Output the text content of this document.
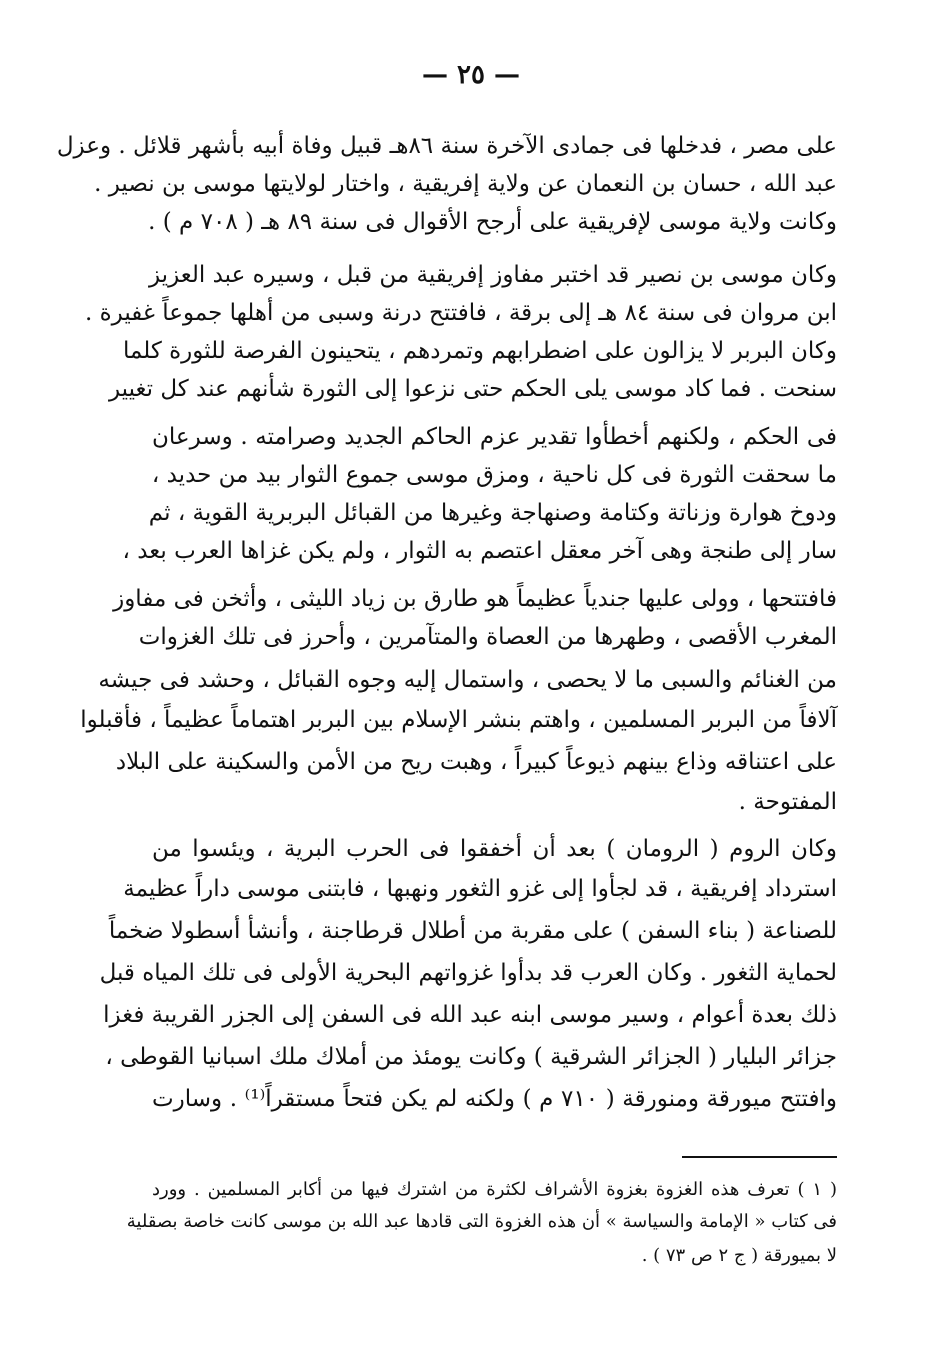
— ٢٥ —
على مصر ، فدخلها فى جمادى الآخرة سنة ٨٦هـ قبيل وفاة أبيه بأشهر قلائل . وعزل
عبد الله ، حسان بن النعمان عن ولاية إفريقية ، واختار لولايتها موسى بن نصير .
وكانت ولاية موسى لإفريقية على أرجح الأقوال فى سنة ٨٩ هـ ( ٧٠٨ م ) .
وكان موسى بن نصير قد اختبر مفاوز إفريقية من قبل ، وسيره عبد العزيز
ابن مروان فى سنة ٨٤ هـ إلى برقة ، فافتتح درنة وسبى من أهلها جموعاً غفيرة .
وكان البربر لا يزالون على اضطرابهم وتمردهم ، يتحينون الفرصة للثورة كلما
سنحت . فما كاد موسى يلى الحكم حتى نزعوا إلى الثورة شأنهم عند كل تغيير
فى الحكم ، ولكنهم أخطأوا تقدير عزم الحاكم الجديد وصرامته . وسرعان
ما سحقت الثورة فى كل ناحية ، ومزق موسى جموع الثوار بيد من حديد ،
ودوخ هوارة وزناتة وكتامة وصنهاجة وغيرها من القبائل البربرية القوية ، ثم
سار إلى طنجة وهى آخر معقل اعتصم به الثوار ، ولم يكن غزاها العرب بعد ،
فافتتحها ، وولى عليها جندياً عظيماً هو طارق بن زياد الليثى ، وأثخن فى مفاوز
المغرب الأقصى ، وطهرها من العصاة والمتآمرين ، وأحرز فى تلك الغزوات
من الغنائم والسبى ما لا يحصى ، واستمال إليه وجوه القبائل ، وحشد فى جيشه
آلافاً من البربر المسلمين ، واهتم بنشر الإسلام بين البربر اهتماماً عظيماً ، فأقبلوا
على اعتناقه وذاع بينهم ذيوعاً كبيراً ، وهبت ريح من الأمن والسكينة على البلاد
المفتوحة .
وكان الروم ( الرومان ) بعد أن أخفقوا فى الحرب البرية ، ويئسوا من
استرداد إفريقية ، قد لجأوا إلى غزو الثغور ونهبها ، فابتنى موسى داراً عظيمة
للصناعة ( بناء السفن ) على مقربة من أطلال قرطاجنة ، وأنشأ أسطولا ضخماً
لحماية الثغور . وكان العرب قد بدأوا غزواتهم البحرية الأولى فى تلك المياه قبل
ذلك بعدة أعوام ، وسير موسى ابنه عبد الله فى السفن إلى الجزر القريبة فغزا
جزائر البليار ( الجزائر الشرقية ) وكانت يومئذ من أملاك ملك اسبانيا القوطى ،
وافتتح ميورقة ومنورقة ( ٧١٠ م ) ولكنه لم يكن فتحاً مستقراً⁽¹⁾ . وسارت
( ١ ) تعرف هذه الغزوة بغزوة الأشراف لكثرة من اشترك فيها من أكابر المسلمين . وورد
فى كتاب « الإمامة والسياسة » أن هذه الغزوة التى قادها عبد الله بن موسى كانت خاصة بصقلية
لا بميورقة ( ج ٢ ص ٧٣ ) .
